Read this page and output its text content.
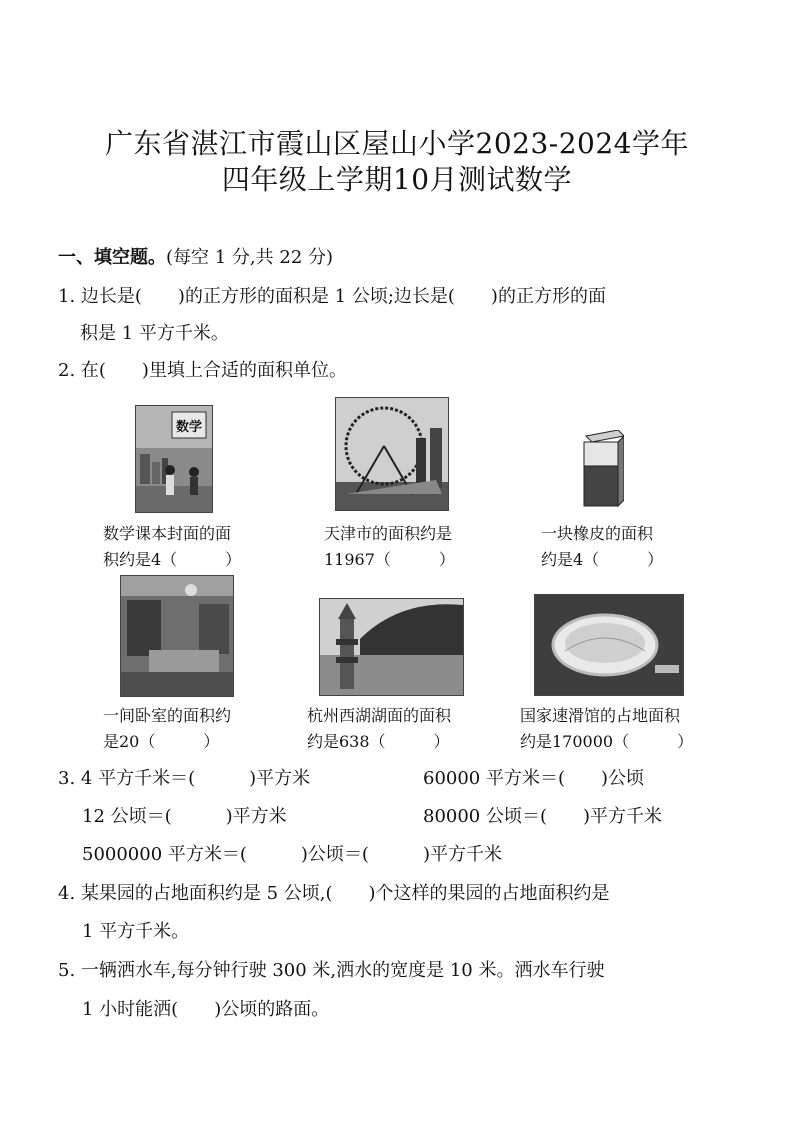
广东省湛江市霞山区屋山小学2023-2024学年
四年级上学期10月测试数学
一、填空题。(每空 1 分,共 22 分)
1. 边长是(　　)的正方形的面积是 1 公顷;边长是(　　)的正方形的面
积是 1 平方千米。
2. 在(　　)里填上合适的面积单位。
数学
数学课本封面的面
积约是4（　　　）
天津市的面积约是
11967（　　　）
一块橡皮的面积
约是4（　　　）
一间卧室的面积约
是20（　　　）
杭州西湖湖面的面积
约是638（　　　）
国家速滑馆的占地面积
约是170000（　　　）
3. 4 平方千米＝(　　　)平方米	60000 平方米＝(　　)公顷
12 公顷＝(　　　)平方米	80000 公顷＝(　　)平方千米
5000000 平方米＝(　　　)公顷＝(　　　)平方千米
4. 某果园的占地面积约是 5 公顷,(　　)个这样的果园的占地面积约是
1 平方千米。
5. 一辆洒水车,每分钟行驶 300 米,洒水的宽度是 10 米。洒水车行驶
1 小时能洒(　　)公顷的路面。
